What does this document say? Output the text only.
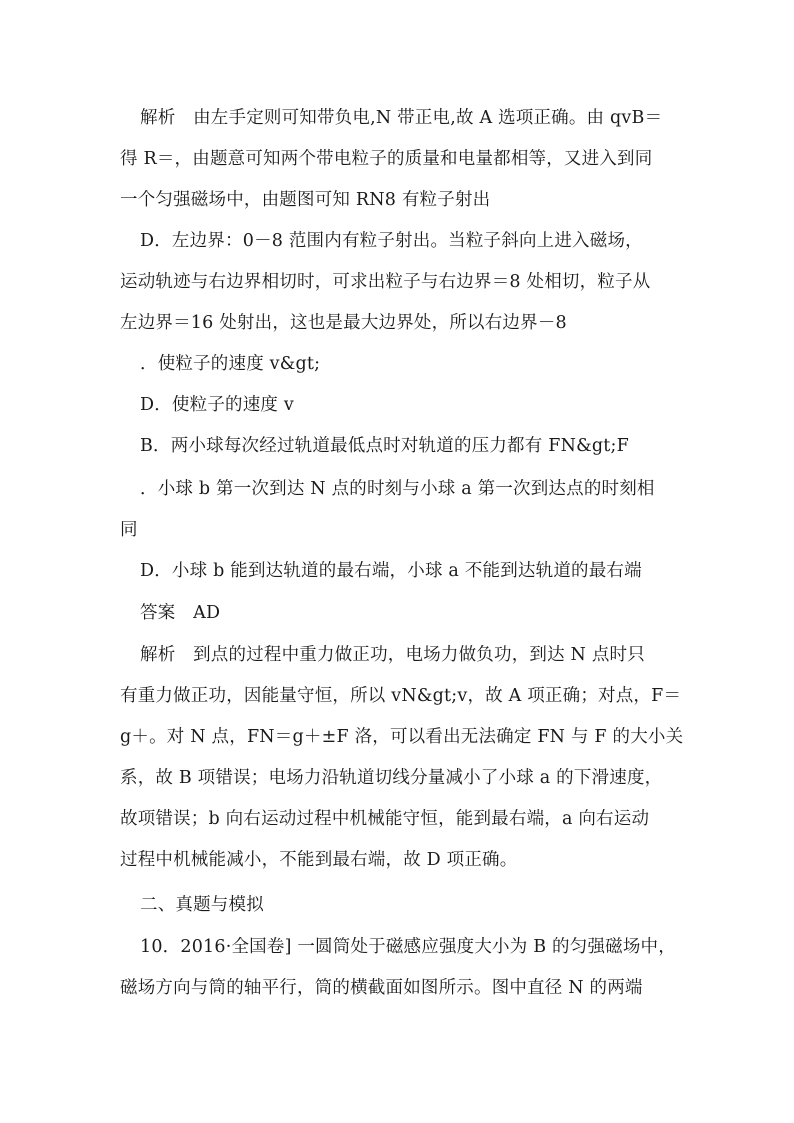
解析　由左手定则可知带负电,N 带正电,故 A 选项正确。由 qvB＝
得 R＝，由题意可知两个带电粒子的质量和电量都相等，又进入到同
一个匀强磁场中，由题图可知 RN8 有粒子射出
D．左边界：0－8 范围内有粒子射出。当粒子斜向上进入磁场，
运动轨迹与右边界相切时，可求出粒子与右边界＝8 处相切，粒子从
左边界＝16 处射出，这也是最大边界处，所以右边界－8
．使粒子的速度 v&gt;
D．使粒子的速度 v
B．两小球每次经过轨道最低点时对轨道的压力都有 FN&gt;F
．小球 b 第一次到达 N 点的时刻与小球 a 第一次到达点的时刻相
同
D．小球 b 能到达轨道的最右端，小球 a 不能到达轨道的最右端
答案　AD
解析　到点的过程中重力做正功，电场力做负功，到达 N 点时只
有重力做正功，因能量守恒，所以 vN&gt;v，故 A 项正确；对点，F＝
g＋。对 N 点，FN＝g＋±F 洛，可以看出无法确定 FN 与 F 的大小关
系，故 B 项错误；电场力沿轨道切线分量减小了小球 a 的下滑速度，
故项错误；b 向右运动过程中机械能守恒，能到最右端，a 向右运动
过程中机械能减小，不能到最右端，故 D 项正确。
二、真题与模拟
10．2016·全国卷] 一圆筒处于磁感应强度大小为 B 的匀强磁场中，
磁场方向与筒的轴平行，筒的横截面如图所示。图中直径 N 的两端
